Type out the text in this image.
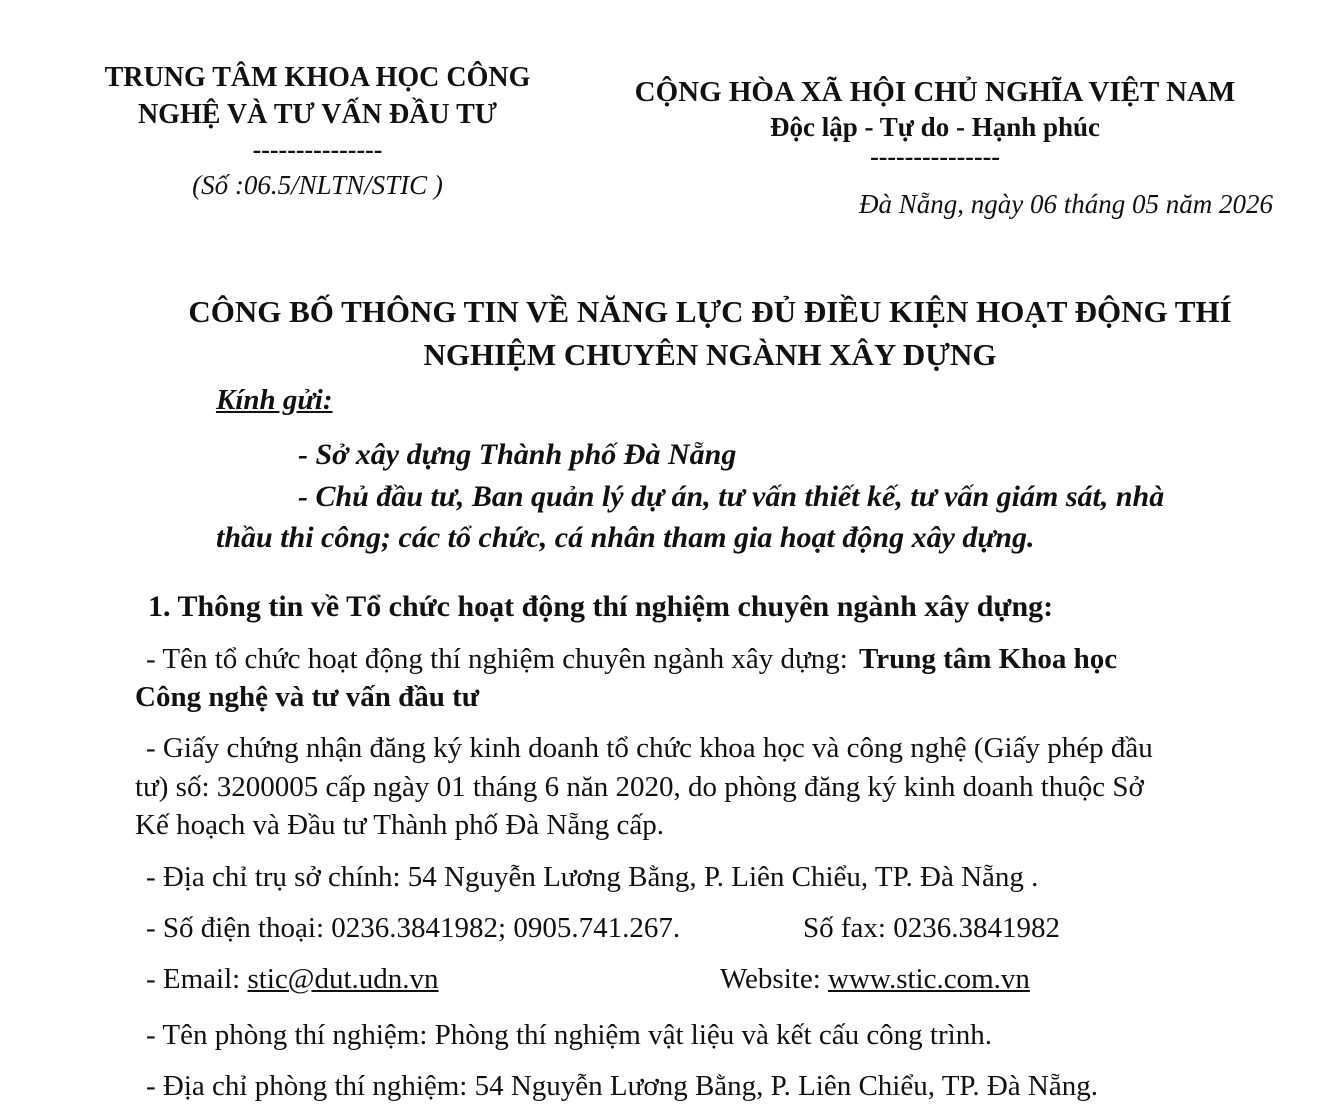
TRUNG TÂM KHOA HỌC CÔNG
NGHỆ VÀ TƯ VẤN ĐẦU TƯ
---------------
(Số :06.5/NLTN/STIC )
CỘNG HÒA XÃ HỘI CHỦ NGHĨA VIỆT NAM
Độc lập - Tự do - Hạnh phúc
---------------
Đà Nẵng, ngày 06 tháng 05 năm 2026
CÔNG BỐ THÔNG TIN VỀ NĂNG LỰC ĐỦ ĐIỀU KIỆN HOẠT ĐỘNG THÍ
NGHIỆM CHUYÊN NGÀNH XÂY DỰNG
Kính gửi:
- Sở xây dựng Thành phố Đà Nẵng
- Chủ đầu tư, Ban quản lý dự án, tư vấn thiết kế, tư vấn giám sát, nhà
thầu thi công; các tổ chức, cá nhân tham gia hoạt động xây dựng.
1. Thông tin về Tổ chức hoạt động thí nghiệm chuyên ngành xây dựng:
- Tên tổ chức hoạt động thí nghiệm chuyên ngành xây dựng: Trung tâm Khoa học
Công nghệ và tư vấn đầu tư
- Giấy chứng nhận đăng ký kinh doanh tổ chức khoa học và công nghệ (Giấy phép đầu
tư) số: 3200005 cấp ngày 01 tháng 6 năn 2020, do phòng đăng ký kinh doanh thuộc Sở
Kế hoạch và Đầu tư Thành phố Đà Nẵng cấp.
- Địa chỉ trụ sở chính: 54 Nguyễn Lương Bằng, P. Liên Chiểu, TP. Đà Nẵng .
- Số điện thoại: 0236.3841982; 0905.741.267.	Số fax: 0236.3841982
- Email: stic@dut.udn.vn	Website: www.stic.com.vn
- Tên phòng thí nghiệm: Phòng thí nghiệm vật liệu và kết cấu công trình.
- Địa chỉ phòng thí nghiệm: 54 Nguyễn Lương Bằng, P. Liên Chiểu, TP. Đà Nẵng.
